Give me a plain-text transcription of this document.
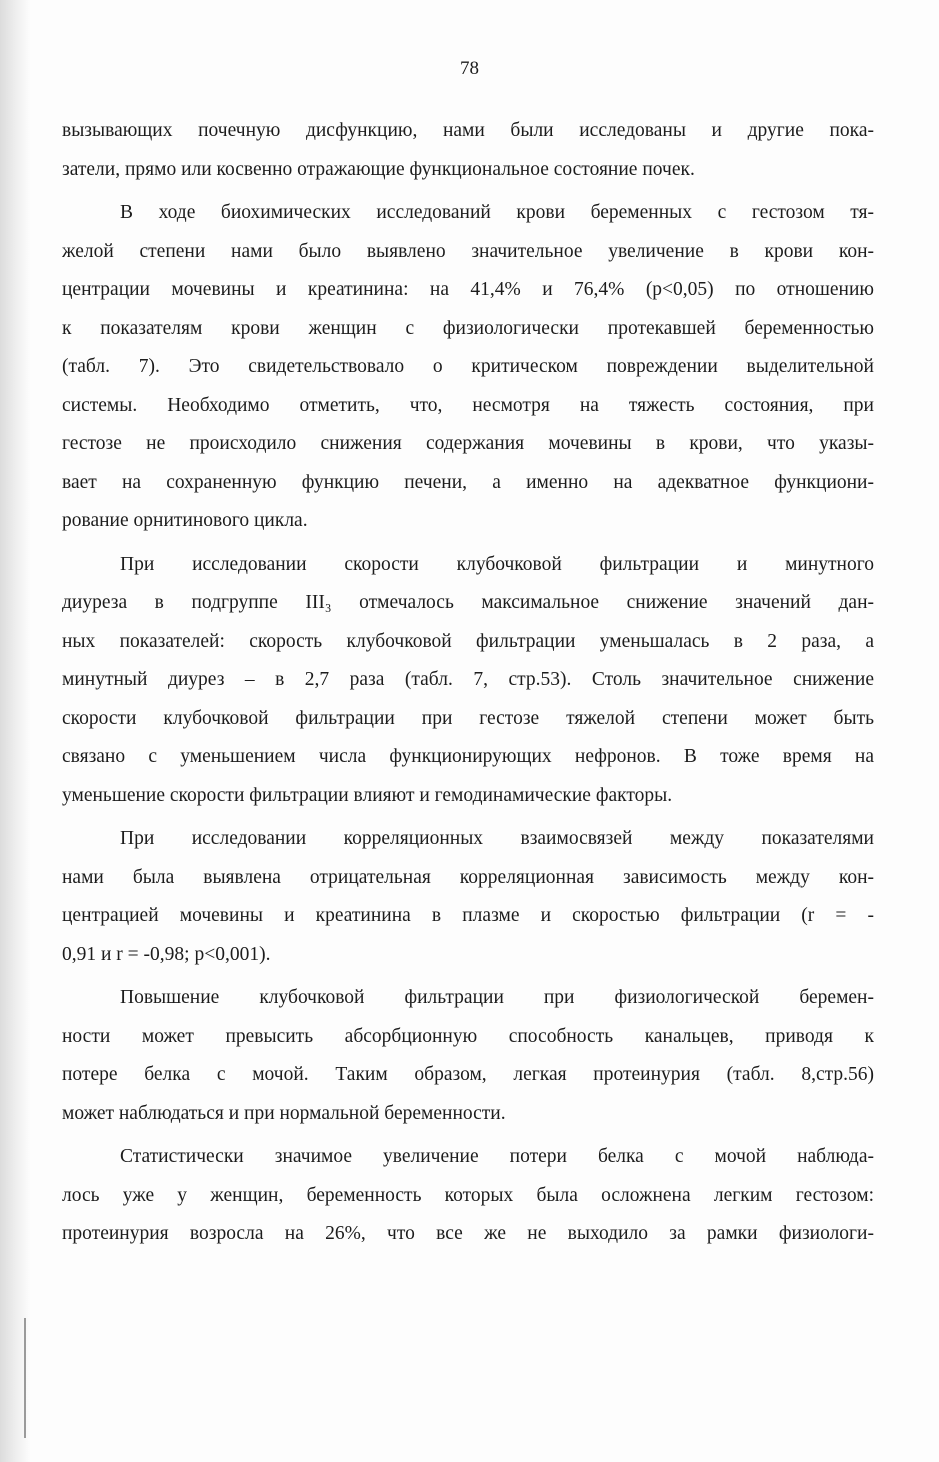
78

вызывающих почечную дисфункцию, нами были исследованы и другие пока-
затели, прямо или косвенно отражающие функциональное состояние почек.

В ходе биохимических исследований крови беременных с гестозом тя-
желой степени нами было выявлено значительное увеличение в крови кон-
центрации мочевины и креатинина: на 41,4% и 76,4% (p<0,05) по отношению
к показателям крови женщин с физиологически протекавшей беременностью
(табл. 7). Это свидетельствовало о критическом повреждении выделительной
системы. Необходимо отметить, что, несмотря на тяжесть состояния, при
гестозе не происходило снижения содержания мочевины в крови, что указы-
вает на сохраненную функцию печени, а именно на адекватное функциони-
рование орнитинового цикла.

При исследовании скорости клубочковой фильтрации и минутного
диуреза в подгруппе III₃ отмечалось максимальное снижение значений дан-
ных показателей: скорость клубочковой фильтрации уменьшалась в 2 раза, а
минутный диурез – в 2,7 раза (табл. 7, стр.53). Столь значительное снижение
скорости клубочковой фильтрации при гестозе тяжелой степени может быть
связано с уменьшением числа функционирующих нефронов. В тоже время на
уменьшение скорости фильтрации влияют и гемодинамические факторы.

При исследовании корреляционных взаимосвязей между показателями
нами была выявлена отрицательная корреляционная зависимость между кон-
центрацией мочевины и креатинина в плазме и скоростью фильтрации (r = -
0,91 и r = -0,98; p<0,001).

Повышение клубочковой фильтрации при физиологической беремен-
ности может превысить абсорбционную способность канальцев, приводя к
потере белка с мочой. Таким образом, легкая протеинурия (табл. 8,стр.56)
может наблюдаться и при нормальной беременности.

Статистически значимое увеличение потери белка с мочой наблюда-
лось уже у женщин, беременность которых была осложнена легким гестозом:
протеинурия возросла на 26%, что все же не выходило за рамки физиологи-
